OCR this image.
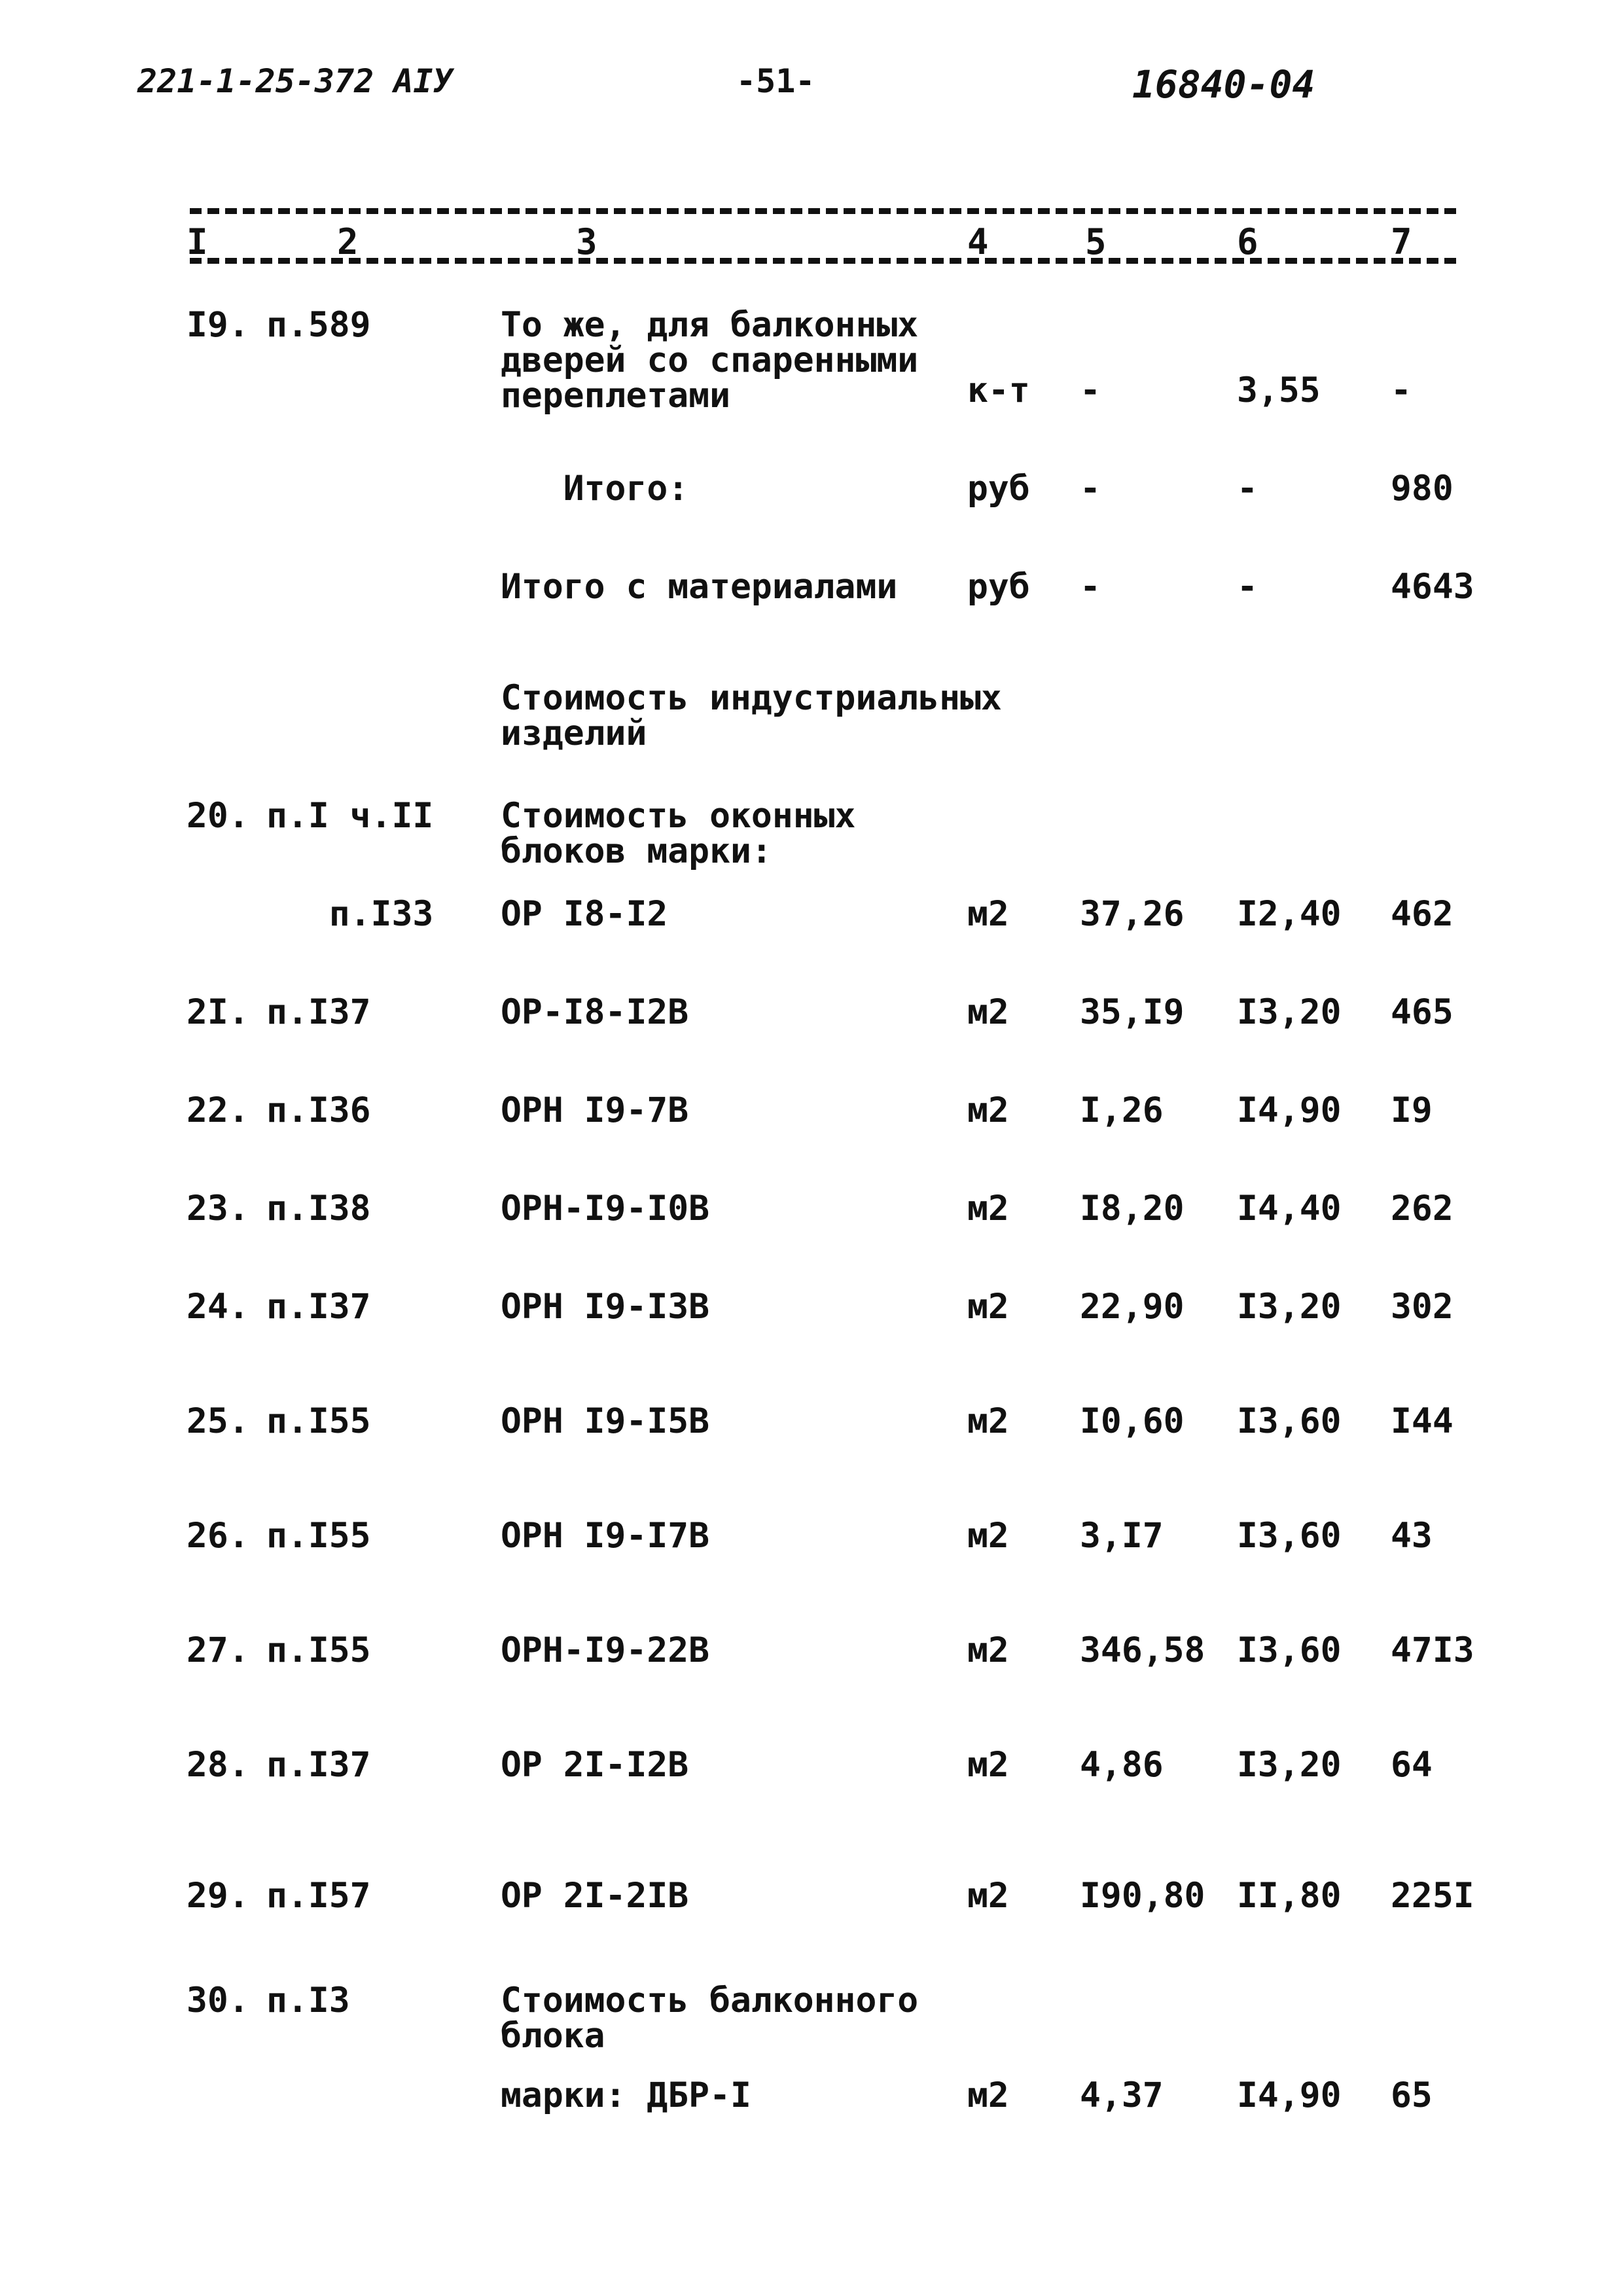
221-1-25-372 АIУ	-51-	16840-04
I	2	3	4	5	6	7
I9. п.589	То же, для балконных
дверей со спаренными
переплетами	к-т -	3,55 -
Итого:	руб -	-	980
Итого с материалами руб -	-	4643
Стоимость индустриальных
изделий
20. п.I ч.II Стоимость оконных
блоков марки:
п.I33 ОР I8-I2	м2 37,26 I2,40 462
2I. п.I37	ОР-I8-I2В	м2 35,I9 I3,20 465
22. п.I36	ОРН I9-7В	м2 I,26 I4,90 I9
23. п.I38	ОРН-I9-I0В	м2 I8,20 I4,40 262
24. п.I37	ОРН I9-I3В	м2 22,90 I3,20 302
25. п.I55	ОРН I9-I5В	м2 I0,60 I3,60 I44
26. п.I55	ОРН I9-I7В	м2 3,I7 I3,60 43
27. п.I55	ОРН-I9-22В	м2 346,58 I3,60 47I3
28. п.I37	ОР 2I-I2В	м2 4,86 I3,20 64
29. п.I57	ОР 2I-2IВ	м2 I90,80 II,80 225I
30. п.I3	Стоимость балконного
блока
марки: ДБР-I	м2 4,37 I4,90 65
